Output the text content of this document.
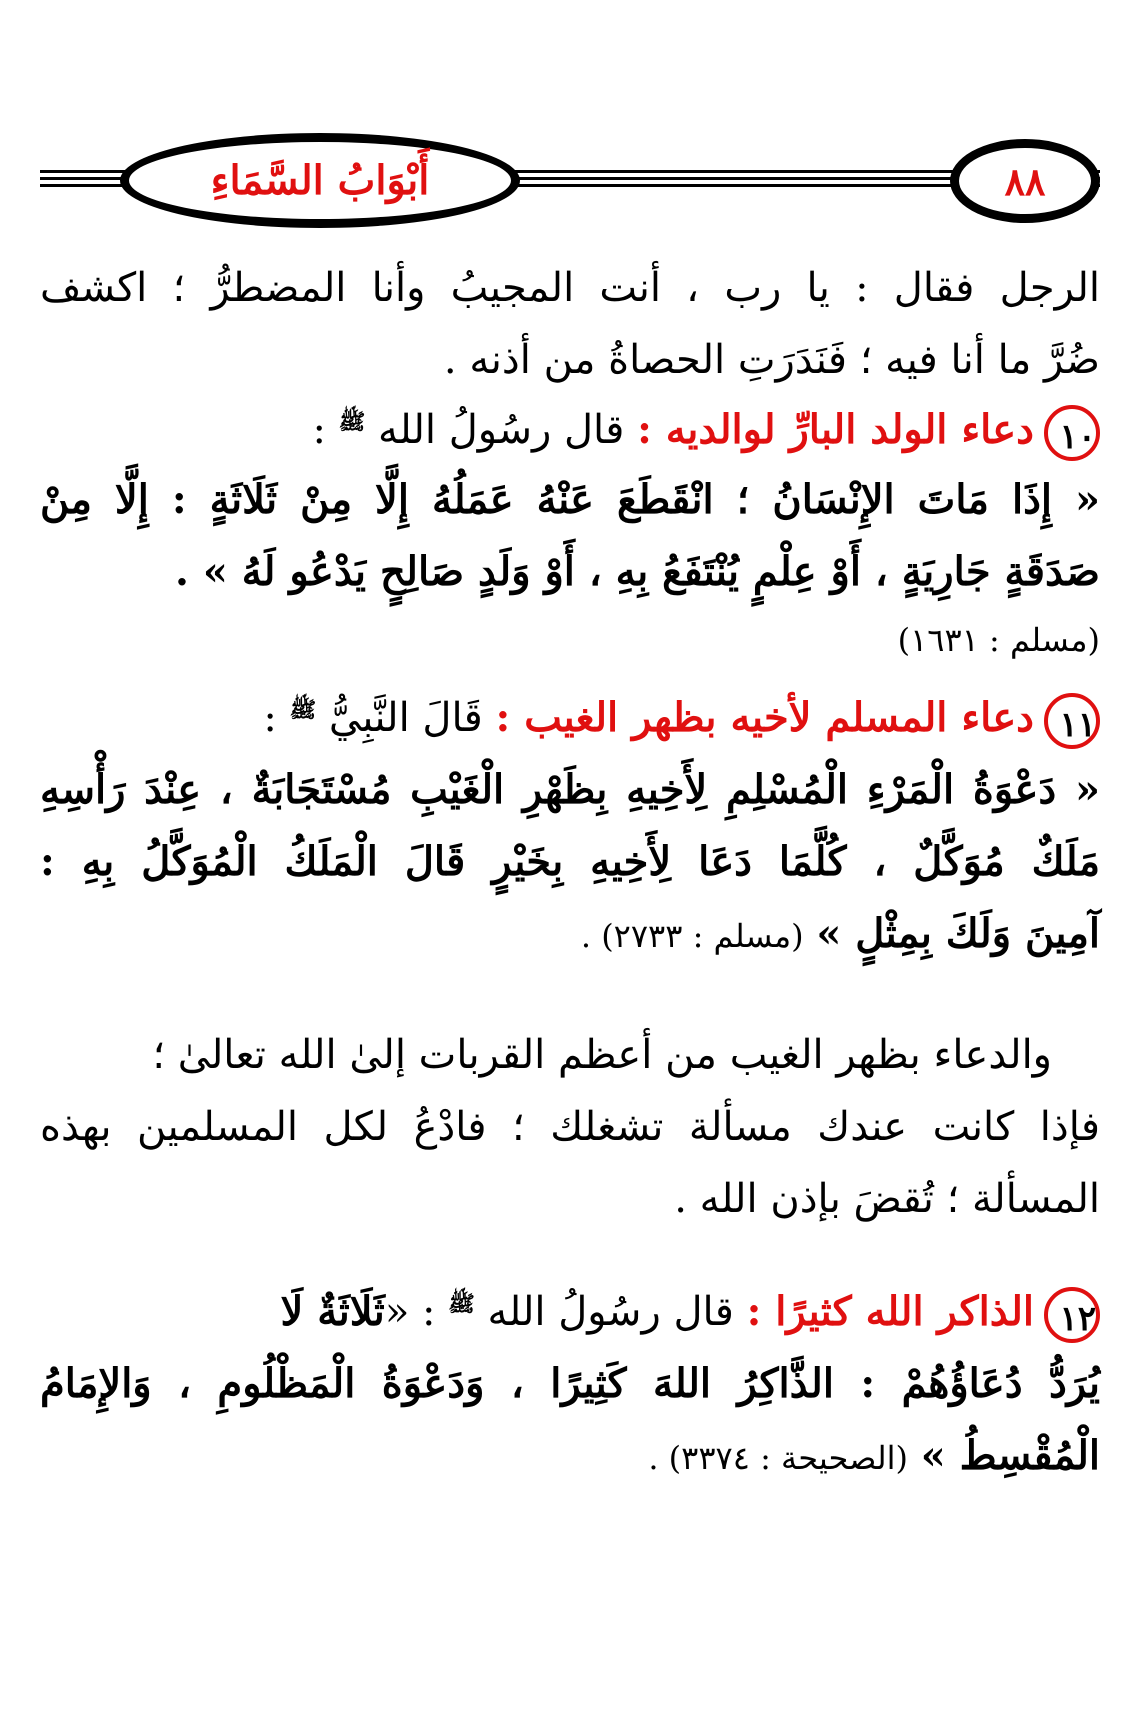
أَبْوَابُ السَّمَاءِ	٨٨
الرجل فقال : يا رب ، أنت المجيبُ وأنا المضطرُّ ؛ اكشف
ضُرَّ ما أنا فيه ؛ فَنَدَرَتِ الحصاةُ من أذنه .
١٠دعاء الولد البارِّ لوالديه : قال رسُولُ الله ﷺ :
« إِذَا مَاتَ الإِنْسَانُ ؛ انْقَطَعَ عَنْهُ عَمَلُهُ إِلَّا مِنْ ثَلَاثَةٍ : إِلَّا مِنْ
صَدَقَةٍ جَارِيَةٍ ، أَوْ عِلْمٍ يُنْتَفَعُ بِهِ ، أَوْ وَلَدٍ صَالِحٍ يَدْعُو لَهُ » .
(مسلم : ١٦٣١)
١١دعاء المسلم لأخيه بظهر الغيب : قَالَ النَّبِيُّ ﷺ :
« دَعْوَةُ الْمَرْءِ الْمُسْلِمِ لِأَخِيهِ بِظَهْرِ الْغَيْبِ مُسْتَجَابَةٌ ، عِنْدَ رَأْسِهِ
مَلَكٌ مُوَكَّلٌ ، كُلَّمَا دَعَا لِأَخِيهِ بِخَيْرٍ قَالَ الْمَلَكُ الْمُوَكَّلُ بِهِ :
آمِينَ وَلَكَ بِمِثْلٍ » (مسلم : ٢٧٣٣) .
والدعاء بظهر الغيب من أعظم القربات إلىٰ الله تعالىٰ ؛
فإذا كانت عندك مسألة تشغلك ؛ فادْعُ لكل المسلمين بهذه
المسألة ؛ تُقضَ بإذن الله .
١٢الذاكر الله كثيرًا : قال رسُولُ الله ﷺ : «ثَلَاثَةٌ لَا
يُرَدُّ دُعَاؤُهُمْ : الذَّاكِرُ اللهَ كَثِيرًا ، وَدَعْوَةُ الْمَظْلُومِ ، وَالإِمَامُ
الْمُقْسِطُ » (الصحيحة : ٣٣٧٤) .
